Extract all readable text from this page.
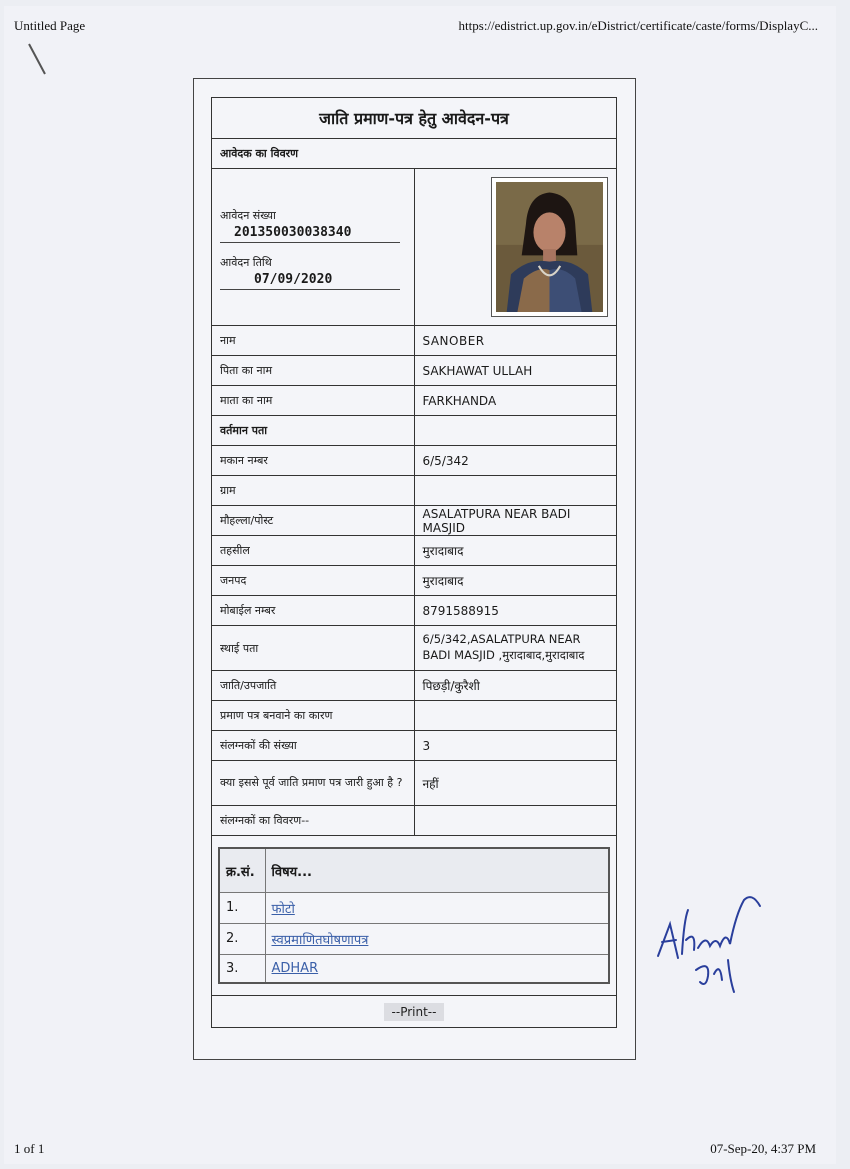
Untitled Page	https://edistrict.up.gov.in/eDistrict/certificate/caste/forms/DisplayC...
जाति प्रमाण-पत्र हेतु आवेदन-पत्र
आवेदक का विवरण

आवेदन संख्या
201350030038340
आवेदन तिथि
07/09/2020

नाम	SANOBER
पिता का नाम	SAKHAWAT ULLAH
माता का नाम	FARKHANDA
वर्तमान पता	
मकान नम्बर	6/5/342
ग्राम	
मौहल्ला/पोस्ट	ASALATPURA NEAR BADI MASJID
तहसील	मुरादाबाद
जनपद	मुरादाबाद
मोबाईल नम्बर	8791588915
स्थाई पता	6/5/342,ASALATPURA NEAR BADI MASJID ,मुरादाबाद,मुरादाबाद
जाति/उपजाति	पिछड़ी/कुरैशी
प्रमाण पत्र बनवाने का कारण	
संलग्नकों की संख्या	3
क्या इससे पूर्व जाति प्रमाण पत्र जारी हुआ है ?	नहीं
संलग्नकों का विवरण--	

क्र.सं.	विषय...
1.	फोटो
2.	स्वप्रमाणितघोषणापत्र
3.	ADHAR

--Print--
1 of 1	07-Sep-20, 4:37 PM
